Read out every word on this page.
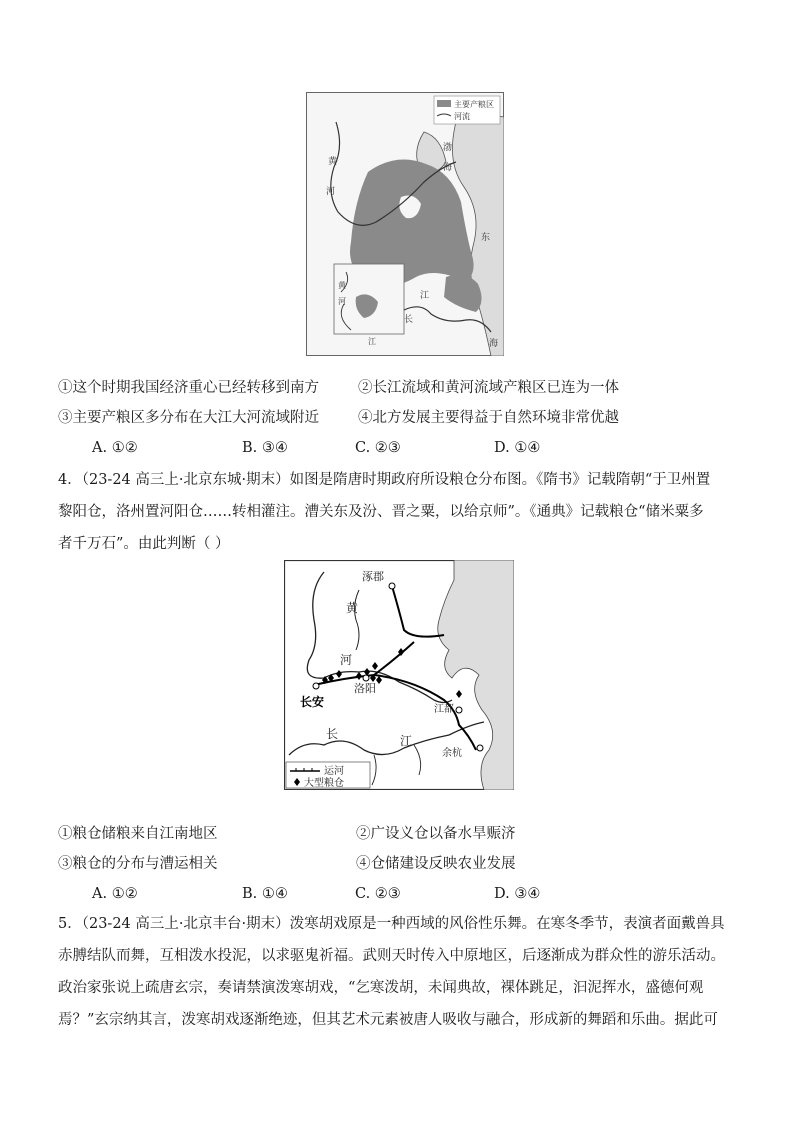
主要产粮区
河流
黄
河
渤
海
东
海
黄
河
长
江
江
①这个时期我国经济重心已经转移到南方	②长江流域和黄河流域产粮区已连为一体
③主要产粮区多分布在大江大河流域附近	④北方发展主要得益于自然环境非常优越
A. ①②	B. ③④	C. ②③	D. ①④
4．（23-24 高三上·北京东城·期末）如图是隋唐时期政府所设粮仓分布图。《隋书》记载隋朝“于卫州置
黎阳仓，洛州置河阳仓……转相灌注。漕关东及汾、晋之粟，以给京师”。《通典》记载粮仓“储米粟多
者千万石”。由此判断（ ）
涿郡
黄
河
洛阳
长安
江都
余杭
长	江
运河
大型粮仓
①粮仓储粮来自江南地区	②广设义仓以备水旱赈济
③粮仓的分布与漕运相关	④仓储建设反映农业发展
A. ①②	B. ①④	C. ②③	D. ③④
5．（23-24 高三上·北京丰台·期末）泼寒胡戏原是一种西域的风俗性乐舞。在寒冬季节，表演者面戴兽具
赤膊结队而舞，互相泼水投泥，以求驱鬼祈福。武则天时传入中原地区，后逐渐成为群众性的游乐活动。
政治家张说上疏唐玄宗，奏请禁演泼寒胡戏，“乞寒泼胡，未闻典故，裸体跳足，汩泥挥水，盛德何观
焉？”玄宗纳其言，泼寒胡戏逐渐绝迹，但其艺术元素被唐人吸收与融合，形成新的舞蹈和乐曲。据此可
